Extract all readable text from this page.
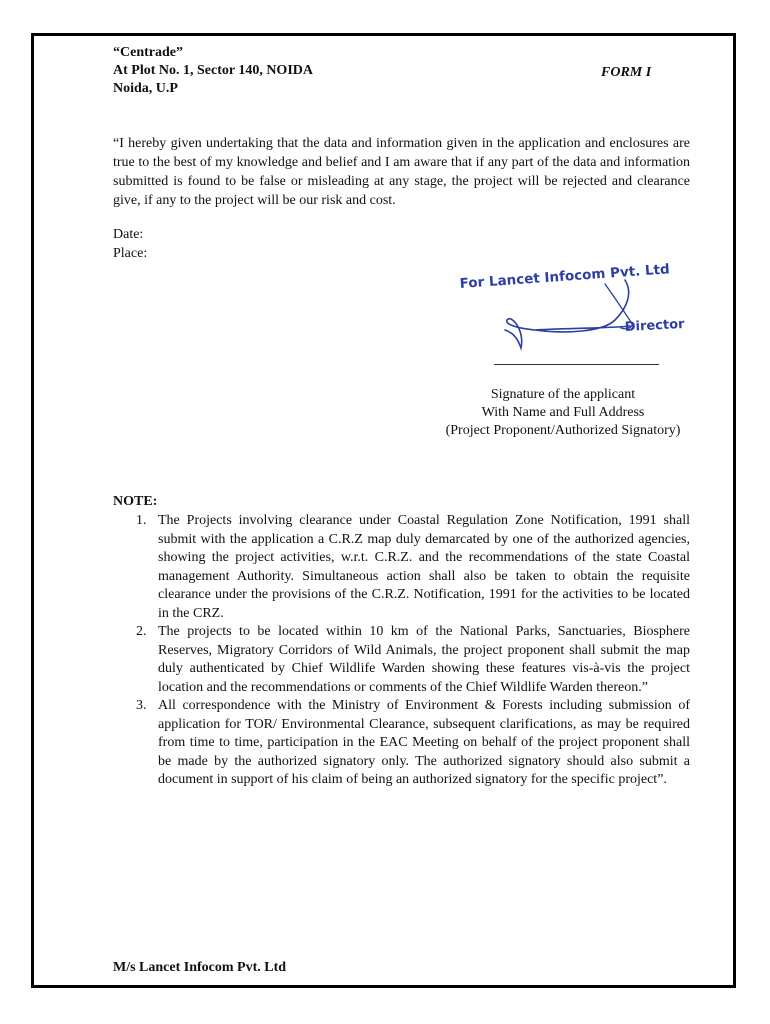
“Centrade”
At Plot No. 1, Sector 140, NOIDA
Noida, U.P
FORM I
“I hereby given undertaking that the data and information given in the application and enclosures are true to the best of my knowledge and belief and I am aware that if any part of the data and information submitted is found to be false or misleading at any stage, the project will be rejected and clearance give, if any to the project will be our risk and cost.
Date:
Place:
For Lancet Infocom Pvt. Ltd
Director
Signature of the applicant
With Name and Full Address
(Project Proponent/Authorized Signatory)
NOTE:
1. The Projects involving clearance under Coastal Regulation Zone Notification, 1991 shall submit with the application a C.R.Z map duly demarcated by one of the authorized agencies, showing the project activities, w.r.t. C.R.Z. and the recommendations of the state Coastal management Authority. Simultaneous action shall also be taken to obtain the requisite clearance under the provisions of the C.R.Z. Notification, 1991 for the activities to be located in the CRZ.
2. The projects to be located within 10 km of the National Parks, Sanctuaries, Biosphere Reserves, Migratory Corridors of Wild Animals, the project proponent shall submit the map duly authenticated by Chief Wildlife Warden showing these features vis-à-vis the project location and the recommendations or comments of the Chief Wildlife Warden thereon.”
3. All correspondence with the Ministry of Environment & Forests including submission of application for TOR/ Environmental Clearance, subsequent clarifications, as may be required from time to time, participation in the EAC Meeting on behalf of the project proponent shall be made by the authorized signatory only. The authorized signatory should also submit a document in support of his claim of being an authorized signatory for the specific project”.
M/s Lancet Infocom Pvt. Ltd
